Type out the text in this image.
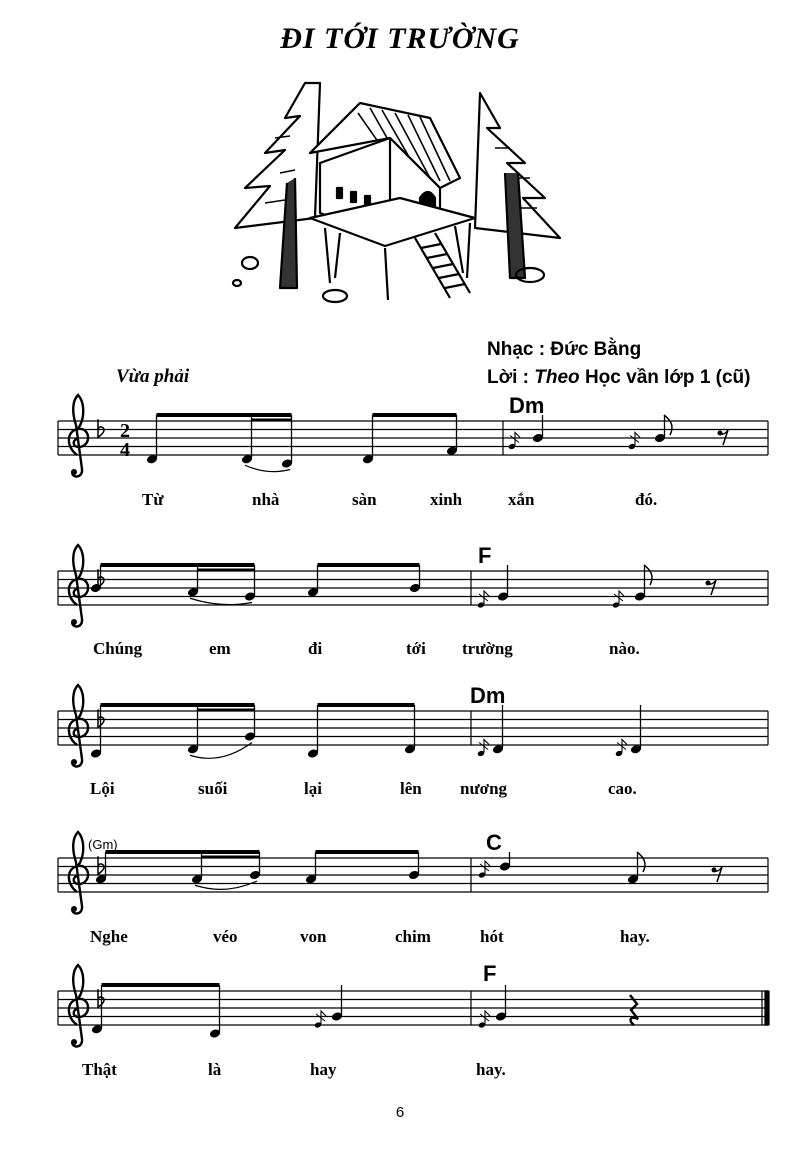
ĐI TỚI TRƯỜNG
Nhạc : Đức Bằng
Lời : Theo Học vần lớp 1 (cũ)
Vừa phải
Dm
F
Dm
(Gm)	C
F
Từ	nhà	sàn	xinh	xắn	đó.
Chúng	em	đi	tới trường	nào.
Lội	suối	lại	lên nương	cao.
Nghe	véo	von	chim	hót	hay.
Thật	là	hay	hay.
2
4
6
